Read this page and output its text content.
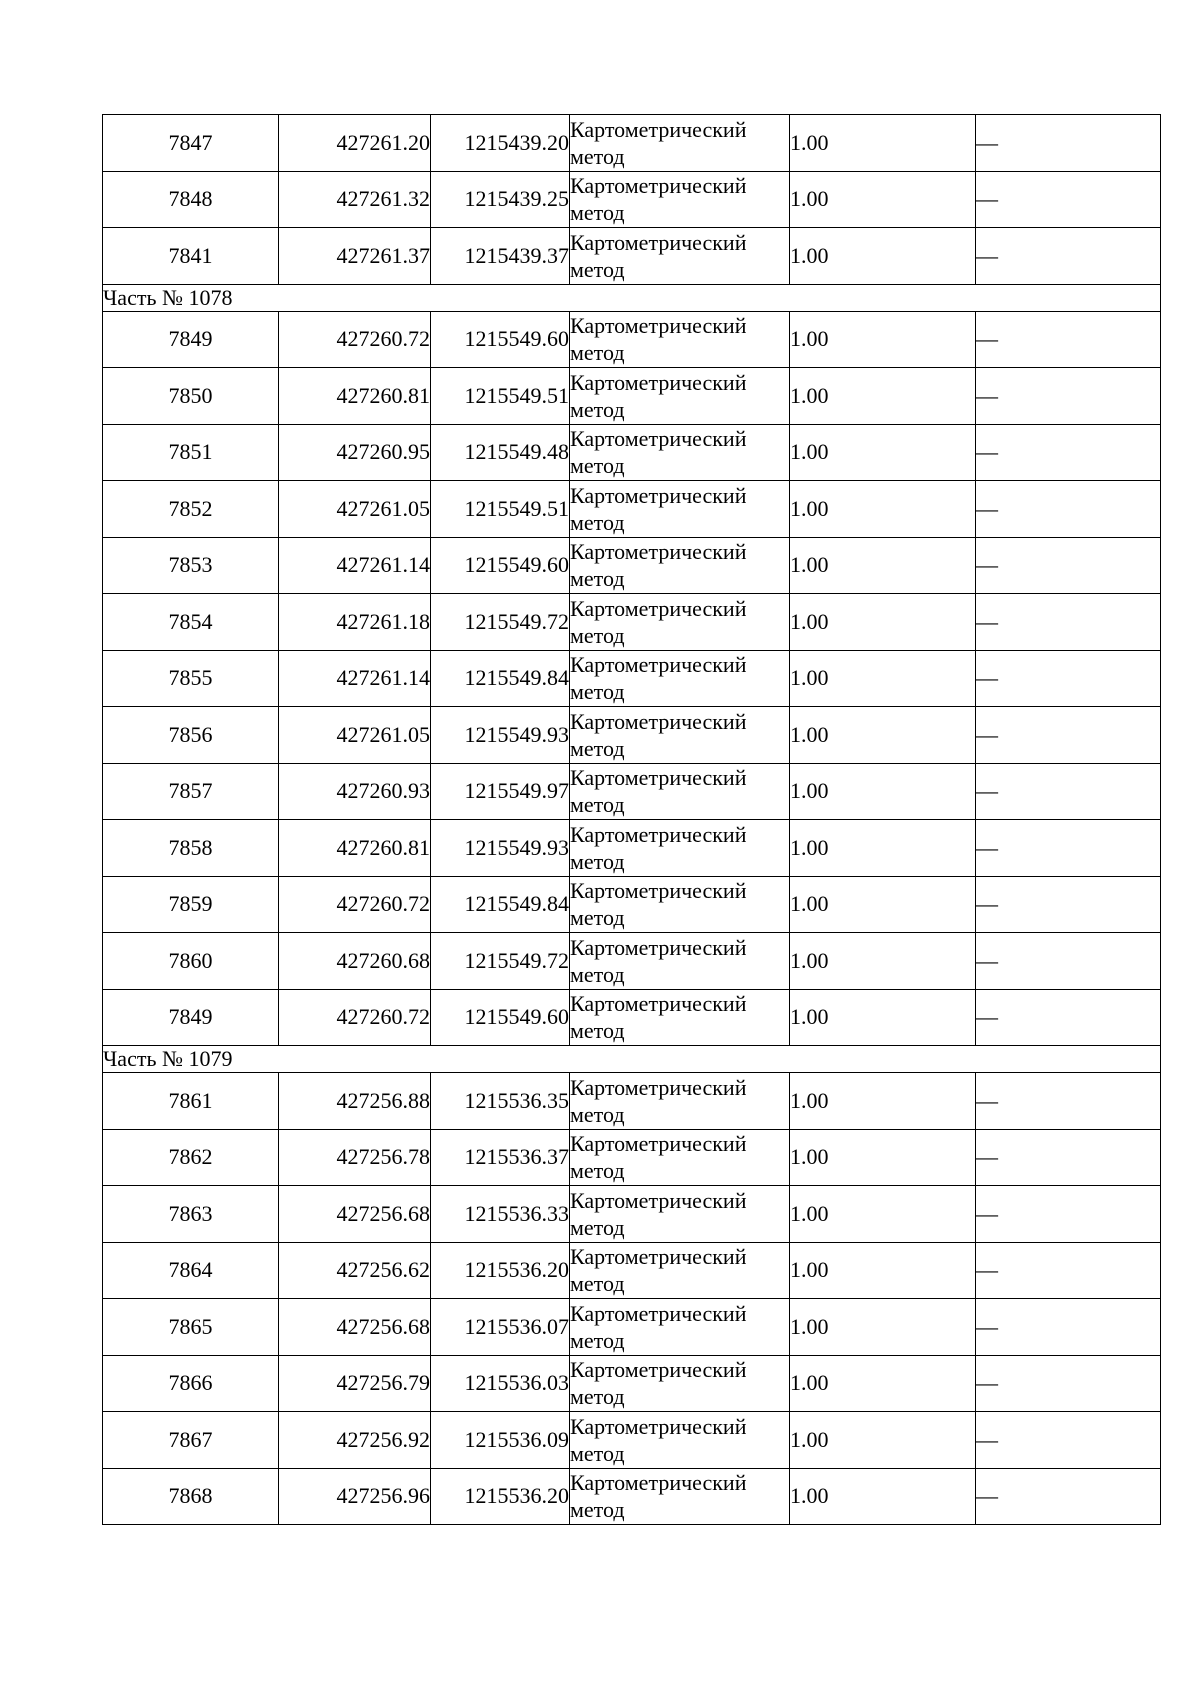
7847	427261.20	1215439.20	Картометрический
метод	1.00	—
7848	427261.32	1215439.25	Картометрический
метод	1.00	—
7841	427261.37	1215439.37	Картометрический
метод	1.00	—
Часть № 1078					
7849	427260.72	1215549.60	Картометрический
метод	1.00	—
7850	427260.81	1215549.51	Картометрический
метод	1.00	—
7851	427260.95	1215549.48	Картометрический
метод	1.00	—
7852	427261.05	1215549.51	Картометрический
метод	1.00	—
7853	427261.14	1215549.60	Картометрический
метод	1.00	—
7854	427261.18	1215549.72	Картометрический
метод	1.00	—
7855	427261.14	1215549.84	Картометрический
метод	1.00	—
7856	427261.05	1215549.93	Картометрический
метод	1.00	—
7857	427260.93	1215549.97	Картометрический
метод	1.00	—
7858	427260.81	1215549.93	Картометрический
метод	1.00	—
7859	427260.72	1215549.84	Картометрический
метод	1.00	—
7860	427260.68	1215549.72	Картометрический
метод	1.00	—
7849	427260.72	1215549.60	Картометрический
метод	1.00	—
Часть № 1079					
7861	427256.88	1215536.35	Картометрический
метод	1.00	—
7862	427256.78	1215536.37	Картометрический
метод	1.00	—
7863	427256.68	1215536.33	Картометрический
метод	1.00	—
7864	427256.62	1215536.20	Картометрический
метод	1.00	—
7865	427256.68	1215536.07	Картометрический
метод	1.00	—
7866	427256.79	1215536.03	Картометрический
метод	1.00	—
7867	427256.92	1215536.09	Картометрический
метод	1.00	—
7868	427256.96	1215536.20	Картометрический
метод	1.00	—
